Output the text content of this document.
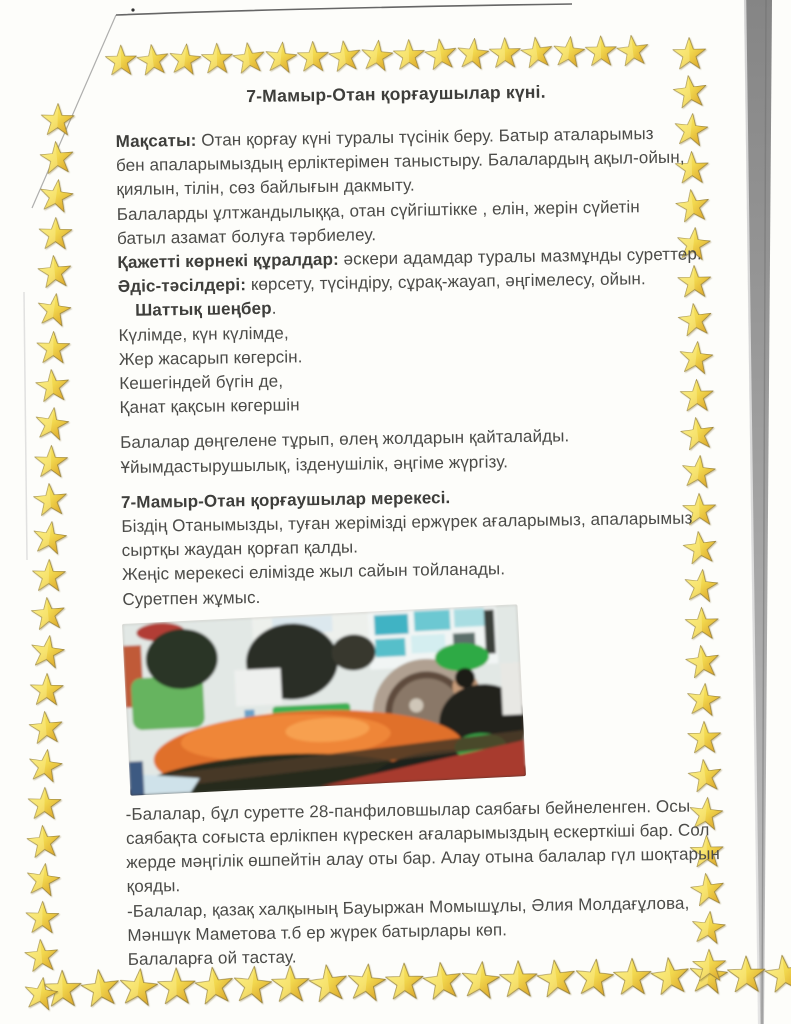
7-Мамыр-Отан қорғаушылар күні.
Мақсаты: Отан қорғау күні туралы түсінік беру. Батыр аталарымыз
бен апаларымыздың ерліктерімен таныстыру. Балалардың ақыл-ойын,
қиялын, тілін, сөз байлығын дакмыту.
Балаларды ұлтжандылыққа, отан сүйгіштікке , елін, жерін сүйетін
батыл азамат болуға тәрбиелеу.
Қажетті көрнекі құралдар: әскери адамдар туралы мазмұнды суреттер.
Әдіс-тәсілдері: көрсету, түсіндіру, сұрақ-жауап, әңгімелесу, ойын.
Шаттық шеңбер.
Күлімде, күн күлімде,
Жер жасарып көгерсін.
Кешегіндей бүгін де,
Қанат қақсын көгершін
Балалар дөңгелене тұрып, өлең жолдарын қайталайды.
Ұйымдастырушылық, ізденушілік, әңгіме жүргізу.
7-Мамыр-Отан қорғаушылар мерекесі.
Біздің Отанымызды, туған жерімізді ержүрек ағаларымыз, апаларымыз
сыртқы жаудан қорғап қалды.
Жеңіс мерекесі елімізде жыл сайын тойланады.
Суретпен жұмыс.
-Балалар, бұл суретте 28-панфиловшылар саябағы бейнеленген. Осы
саябақта соғыста ерлікпен күрескен ағаларымыздың ескерткіші бар. Сол
жерде мәңгілік өшпейтін алау оты бар. Алау отына балалар гүл шоқтарын
қояды.
-Балалар, қазақ халқының Бауыржан Момышұлы, Әлия Молдағұлова,
Мәншүк Маметова т.б ер жүрек батырлары көп.
Балаларға ой тастау.
